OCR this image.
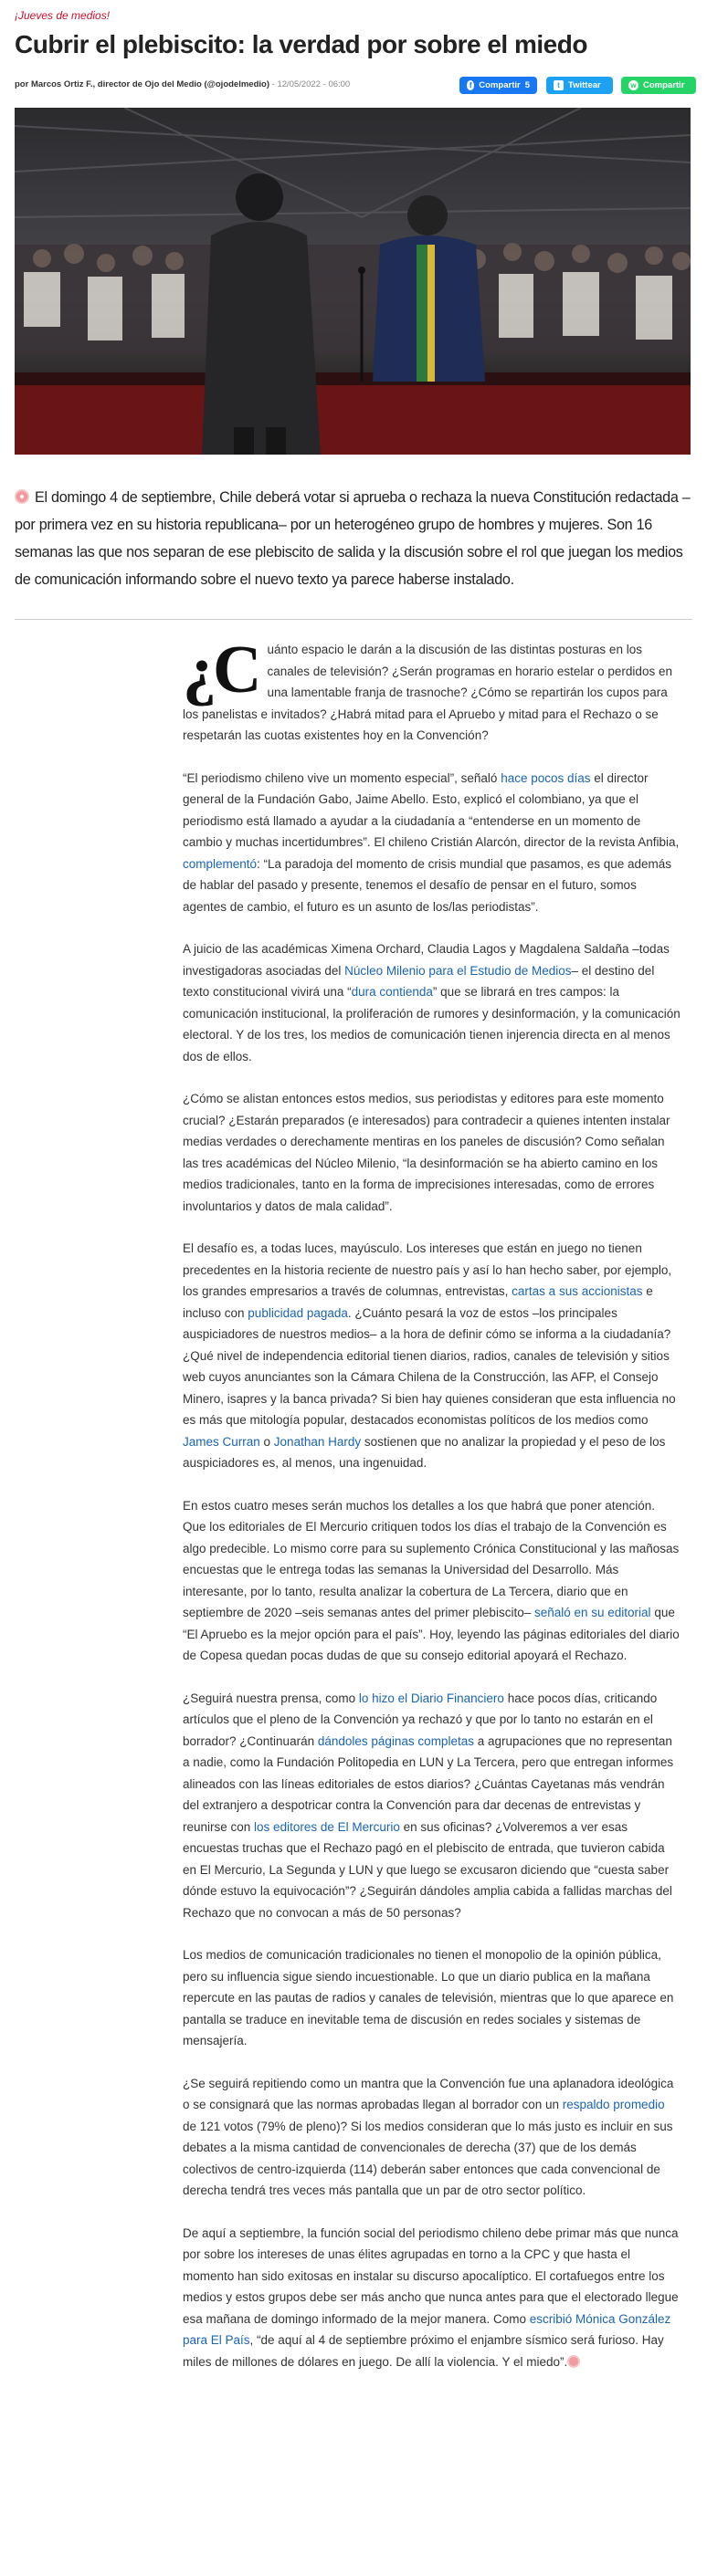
¡Jueves de medios!
Cubrir el plebiscito: la verdad por sobre el miedo
por Marcos Ortiz F., director de Ojo del Medio (@ojodelmedio) - 12/05/2022 - 06:00	f Compartir 5	t Twittear	w Compartir
El domingo 4 de septiembre, Chile deberá votar si aprueba o rechaza la nueva Constitución redactada –por primera vez en su historia republicana– por un heterogéneo grupo de hombres y mujeres. Son 16 semanas las que nos separan de ese plebiscito de salida y la discusión sobre el rol que juegan los medios de comunicación informando sobre el nuevo texto ya parece haberse instalado.

¿C uánto espacio le darán a la discusión de las distintas posturas en los canales de televisión? ¿Serán programas en horario estelar o perdidos en una lamentable franja de trasnoche? ¿Cómo se repartirán los cupos para los panelistas e invitados? ¿Habrá mitad para el Apruebo y mitad para el Rechazo o se respetarán las cuotas existentes hoy en la Convención?

“El periodismo chileno vive un momento especial”, señaló hace pocos días el director general de la Fundación Gabo, Jaime Abello. Esto, explicó el colombiano, ya que el periodismo está llamado a ayudar a la ciudadanía a “entenderse en un momento de cambio y muchas incertidumbres”. El chileno Cristián Alarcón, director de la revista Anfibia, complementó: “La paradoja del momento de crisis mundial que pasamos, es que además de hablar del pasado y presente, tenemos el desafío de pensar en el futuro, somos agentes de cambio, el futuro es un asunto de los/las periodistas”.

A juicio de las académicas Ximena Orchard, Claudia Lagos y Magdalena Saldaña –todas investigadoras asociadas del Núcleo Milenio para el Estudio de Medios– el destino del texto constitucional vivirá una “dura contienda” que se librará en tres campos: la comunicación institucional, la proliferación de rumores y desinformación, y la comunicación electoral. Y de los tres, los medios de comunicación tienen injerencia directa en al menos dos de ellos.

¿Cómo se alistan entonces estos medios, sus periodistas y editores para este momento crucial? ¿Estarán preparados (e interesados) para contradecir a quienes intenten instalar medias verdades o derechamente mentiras en los paneles de discusión? Como señalan las tres académicas del Núcleo Milenio, “la desinformación se ha abierto camino en los medios tradicionales, tanto en la forma de imprecisiones interesadas, como de errores involuntarios y datos de mala calidad”.

El desafío es, a todas luces, mayúsculo. Los intereses que están en juego no tienen precedentes en la historia reciente de nuestro país y así lo han hecho saber, por ejemplo, los grandes empresarios a través de columnas, entrevistas, cartas a sus accionistas e incluso con publicidad pagada. ¿Cuánto pesará la voz de estos –los principales auspiciadores de nuestros medios– a la hora de definir cómo se informa a la ciudadanía? ¿Qué nivel de independencia editorial tienen diarios, radios, canales de televisión y sitios web cuyos anunciantes son la Cámara Chilena de la Construcción, las AFP, el Consejo Minero, isapres y la banca privada? Si bien hay quienes consideran que esta influencia no es más que mitología popular, destacados economistas políticos de los medios como James Curran o Jonathan Hardy sostienen que no analizar la propiedad y el peso de los auspiciadores es, al menos, una ingenuidad.

En estos cuatro meses serán muchos los detalles a los que habrá que poner atención. Que los editoriales de El Mercurio critiquen todos los días el trabajo de la Convención es algo predecible. Lo mismo corre para su suplemento Crónica Constitucional y las mañosas encuestas que le entrega todas las semanas la Universidad del Desarrollo. Más interesante, por lo tanto, resulta analizar la cobertura de La Tercera, diario que en septiembre de 2020 –seis semanas antes del primer plebiscito– señaló en su editorial que “El Apruebo es la mejor opción para el país”. Hoy, leyendo las páginas editoriales del diario de Copesa quedan pocas dudas de que su consejo editorial apoyará el Rechazo.

¿Seguirá nuestra prensa, como lo hizo el Diario Financiero hace pocos días, criticando artículos que el pleno de la Convención ya rechazó y que por lo tanto no estarán en el borrador? ¿Continuarán dándoles páginas completas a agrupaciones que no representan a nadie, como la Fundación Politopedia en LUN y La Tercera, pero que entregan informes alineados con las líneas editoriales de estos diarios? ¿Cuántas Cayetanas más vendrán del extranjero a despotricar contra la Convención para dar decenas de entrevistas y reunirse con los editores de El Mercurio en sus oficinas? ¿Volveremos a ver esas encuestas truchas que el Rechazo pagó en el plebiscito de entrada, que tuvieron cabida en El Mercurio, La Segunda y LUN y que luego se excusaron diciendo que “cuesta saber dónde estuvo la equivocación”? ¿Seguirán dándoles amplia cabida a fallidas marchas del Rechazo que no convocan a más de 50 personas?

Los medios de comunicación tradicionales no tienen el monopolio de la opinión pública, pero su influencia sigue siendo incuestionable. Lo que un diario publica en la mañana repercute en las pautas de radios y canales de televisión, mientras que lo que aparece en pantalla se traduce en inevitable tema de discusión en redes sociales y sistemas de mensajería.

¿Se seguirá repitiendo como un mantra que la Convención fue una aplanadora ideológica o se consignará que las normas aprobadas llegan al borrador con un respaldo promedio de 121 votos (79% de pleno)? Si los medios consideran que lo más justo es incluir en sus debates a la misma cantidad de convencionales de derecha (37) que de los demás colectivos de centro-izquierda (114) deberán saber entonces que cada convencional de derecha tendrá tres veces más pantalla que un par de otro sector político.

De aquí a septiembre, la función social del periodismo chileno debe primar más que nunca por sobre los intereses de unas élites agrupadas en torno a la CPC y que hasta el momento han sido exitosas en instalar su discurso apocalíptico. El cortafuegos entre los medios y estos grupos debe ser más ancho que nunca antes para que el electorado llegue esa mañana de domingo informado de la mejor manera. Como escribió Mónica González para El País, “de aquí al 4 de septiembre próximo el enjambre sísmico será furioso. Hay miles de millones de dólares en juego. De allí la violencia. Y el miedo”.
